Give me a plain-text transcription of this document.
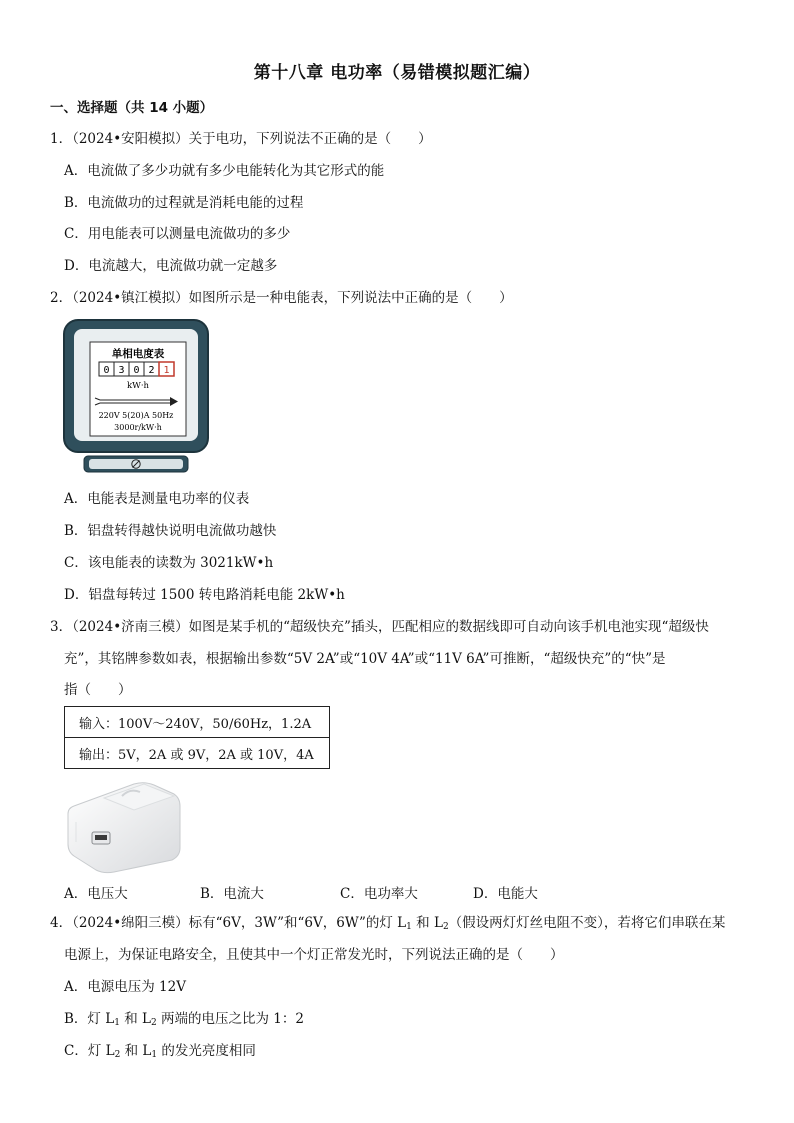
第十八章 电功率（易错模拟题汇编）
一、选择题（共 14 小题）
1．（2024•安阳模拟）关于电功，下列说法不正确的是（　　）
A．电流做了多少功就有多少电能转化为其它形式的能
B．电流做功的过程就是消耗电能的过程
C．用电能表可以测量电流做功的多少
D．电流越大，电流做功就一定越多
2．（2024•镇江模拟）如图所示是一种电能表，下列说法中正确的是（　　）
单相电度表
0 3 0 2 1
kW·h
220V 5(20)A 50Hz
3000r/kW·h
A．电能表是测量电功率的仪表
B．铝盘转得越快说明电流做功越快
C．该电能表的读数为 3021kW•h
D．铝盘每转过 1500 转电路消耗电能 2kW•h
3．（2024•济南三模）如图是某手机的“超级快充”插头，匹配相应的数据线即可自动向该手机电池实现“超级快
充”，其铭牌参数如表，根据输出参数“5V 2A”或“10V 4A”或“11V 6A”可推断，“超级快充”的“快”是
指（　　）
输入：100V～240V，50/60Hz，1.2A
输出：5V，2A 或 9V，2A 或 10V，4A
A．电压大	B．电流大	C．电功率大	D．电能大
4．（2024•绵阳三模）标有“6V，3W”和“6V，6W”的灯 $L_1$ 和 $L_2$（假设两灯灯丝电阻不变），若将它们串联在某
电源上，为保证电路安全，且使其中一个灯正常发光时，下列说法正确的是（　　）
A．电源电压为 12V
B．灯 $L_1$ 和 $L_2$ 两端的电压之比为 1：2
C．灯 $L_2$ 和 $L_1$ 的发光亮度相同
